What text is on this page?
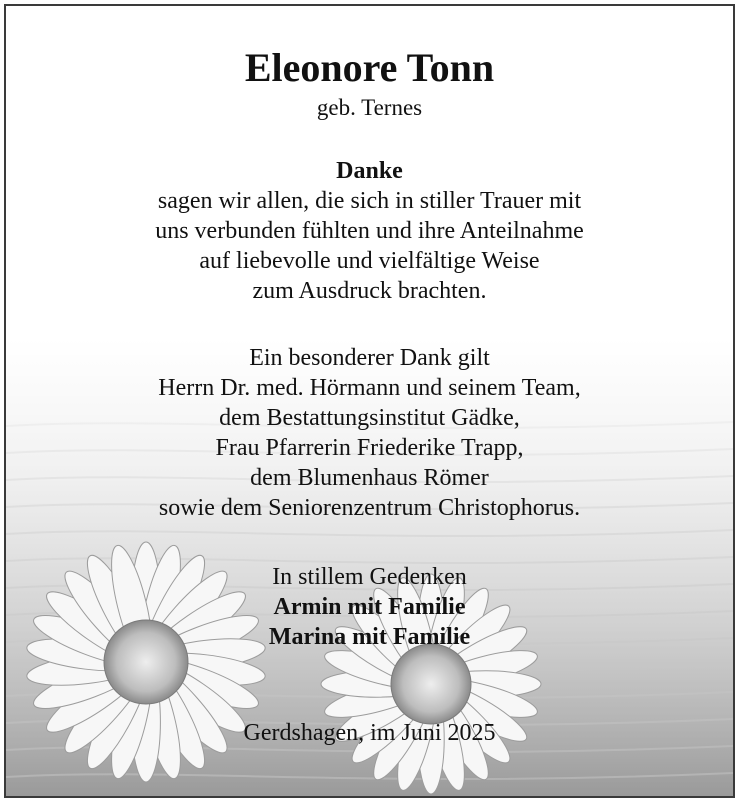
Eleonore Tonn
geb. Ternes
Danke
sagen wir allen, die sich in stiller Trauer mit
uns verbunden fühlten und ihre Anteilnahme
auf liebevolle und vielfältige Weise
zum Ausdruck brachten.
Ein besonderer Dank gilt
Herrn Dr. med. Hörmann und seinem Team,
dem Bestattungsinstitut Gädke,
Frau Pfarrerin Friederike Trapp,
dem Blumenhaus Römer
sowie dem Seniorenzentrum Christophorus.
In stillem Gedenken
Armin mit Familie
Marina mit Familie
Gerdshagen, im Juni 2025
